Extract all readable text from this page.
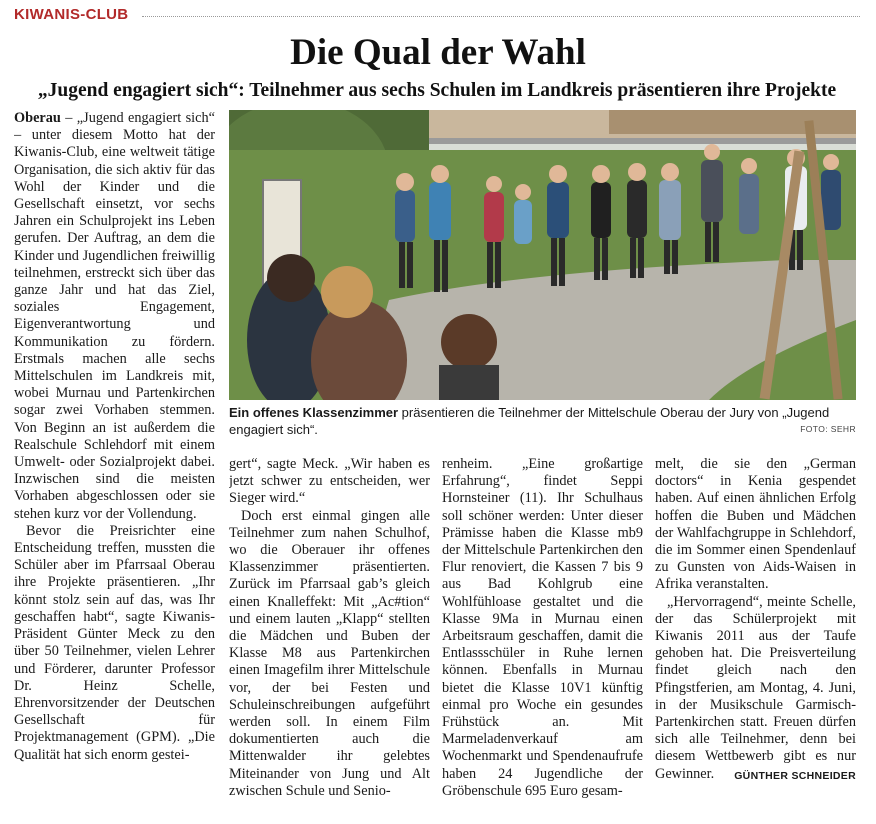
KIWANIS-CLUB
Die Qual der Wahl
„Jugend engagiert sich“: Teilnehmer aus sechs Schulen im Landkreis präsentieren ihre Projekte

Oberau – „Jugend engagiert sich“ – unter diesem Motto hat der Kiwanis-Club, eine weltweit tätige Organisation, die sich aktiv für das Wohl der Kinder und die Gesellschaft einsetzt, vor sechs Jahren ein Schulprojekt ins Leben gerufen. Der Auftrag, an dem die Kinder und Jugendlichen freiwillig teilnehmen, erstreckt sich über das ganze Jahr und hat das Ziel, soziales Engagement, Eigenverantwortung und Kommunikation zu fördern. Erstmals machen alle sechs Mittelschulen im Landkreis mit, wobei Murnau und Partenkirchen sogar zwei Vorhaben stemmen. Von Beginn an ist außerdem die Realschule Schlehdorf mit einem Umwelt- oder Sozialprojekt dabei. Inzwischen sind die meisten Vorhaben abgeschlossen oder sie stehen kurz vor der Vollendung.

Bevor die Preisrichter eine Entscheidung treffen, mussten die Schüler aber im Pfarrsaal Oberau ihre Projekte präsentieren. „Ihr könnt stolz sein auf das, was Ihr geschaffen habt“, sagte Kiwanis-Präsident Günter Meck zu den über 50 Teilnehmer, vielen Lehrer und Förderer, darunter Professor Dr. Heinz Schelle, Ehrenvorsitzender der Deutschen Gesellschaft für Projektmanagement (GPM). „Die Qualität hat sich enorm gestei-

Ein offenes Klassenzimmer präsentieren die Teilnehmer der Mittelschule Oberau der Jury von „Jugend engagiert sich“.	FOTO: SEHR

gert“, sagte Meck. „Wir haben es jetzt schwer zu entscheiden, wer Sieger wird.“

Doch erst einmal gingen alle Teilnehmer zum nahen Schulhof, wo die Oberauer ihr offenes Klassenzimmer präsentierten. Zurück im Pfarrsaal gab’s gleich einen Knalleffekt: Mit „Ac#tion“ und einem lauten „Klapp“ stellten die Mädchen und Buben der Klasse M8 aus Partenkirchen einen Imagefilm ihrer Mittelschule vor, der bei Festen und Schuleinschreibungen aufgeführt werden soll. In einem Film dokumentierten auch die Mittenwalder ihr gelebtes Miteinander von Jung und Alt zwischen Schule und Senio-

renheim. „Eine großartige Erfahrung“, findet Seppi Hornsteiner (11). Ihr Schulhaus soll schöner werden: Unter dieser Prämisse haben die Klasse mb9 der Mittelschule Partenkirchen den Flur renoviert, die Kassen 7 bis 9 aus Bad Kohlgrub eine Wohlfühloase gestaltet und die Klasse 9Ma in Murnau einen Arbeitsraum geschaffen, damit die Entlassschüler in Ruhe lernen können. Ebenfalls in Murnau bietet die Klasse 10V1 künftig einmal pro Woche ein gesundes Frühstück an. Mit Marmeladenverkauf am Wochenmarkt und Spendenaufrufe haben 24 Jugendliche der Gröbenschule 695 Euro gesam-

melt, die sie den „German doctors“ in Kenia gespendet haben. Auf einen ähnlichen Erfolg hoffen die Buben und Mädchen der Wahlfachgruppe in Schlehdorf, die im Sommer einen Spendenlauf zu Gunsten von Aids-Waisen in Afrika veranstalten.

„Hervorragend“, meinte Schelle, der das Schülerprojekt mit Kiwanis 2011 aus der Taufe gehoben hat. Die Preisverteilung findet gleich nach den Pfingstferien, am Montag, 4. Juni, in der Musikschule Garmisch-Partenkirchen statt. Freuen dürfen sich alle Teilnehmer, denn bei diesem Wettbewerb gibt es nur Gewinner.	GÜNTHER SCHNEIDER
